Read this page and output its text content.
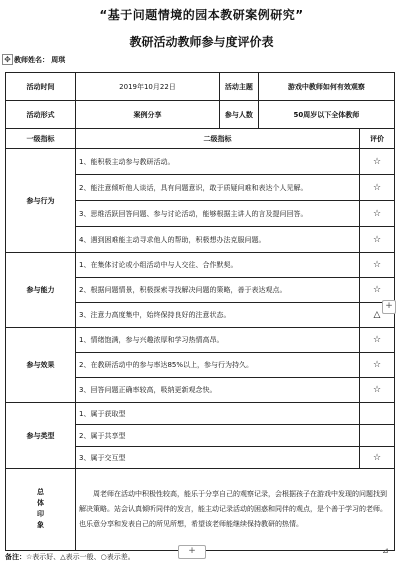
“基于问题情境的园本教研案例研究”
教研活动教师参与度评价表
✥ 教师姓名： 周琪
活动时间	2019年10月22日	活动主题	游戏中教师如何有效观察	
活动形式	案例分享	参与人数	50周岁以下全体教师	
一级指标	二级指标			评价
参与行为	1、能积极主动参与教研活动。			☆
	2、能注意倾听他人谈话，具有问题意识，敢于质疑问难和表达个人见解。			☆
	3、思维活跃回答问题、参与讨论活动，能够根据主讲人的言及提问回答。			☆
	4、遇到困难能主动寻求他人的帮助，积极想办法克服问题。			☆
参与能力	1、在集体讨论或小组活动中与人交往、合作默契。			☆
	2、根据问题情景，积极探索寻找解决问题的策略，善于表达观点。			☆
	3、注意力高度集中，始终保持良好的注意状态。			△
参与效果	1、情绪饱满，参与兴趣浓厚和学习热情高昂。			☆
	2、在教研活动中的参与率达85%以上，参与行为持久。			☆
	3、回答问题正确率较高，吸纳更新观念快。			☆
参与类型	1、属于获取型			
	2、属于共享型			
	3、属于交互型			☆

总体印象	周老师在活动中积极性较高，能乐于分享自己的观察记录，会根据孩子在游戏中发现的问题找到解决策略。站会认真倾听同伴的发言，能主动记录活动的困惑和同伴的观点，是个善于学习的老师。也乐意分享和发表自己的所见所想，希望该老师能继续保持教研的热情。			
+
⊿
备注：☆表示好、△表示一般、○表示差。
+
